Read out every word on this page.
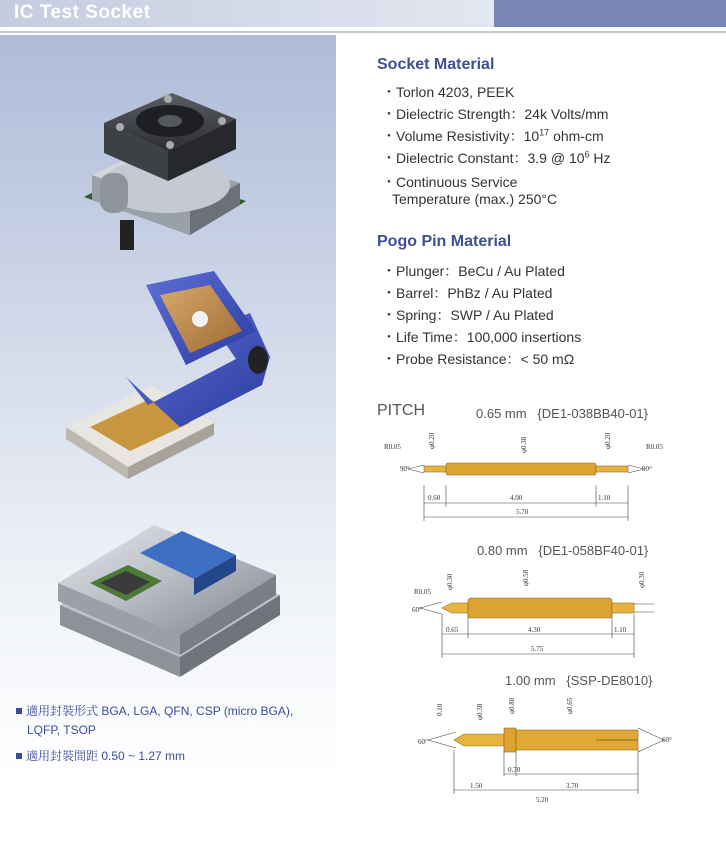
IC Test Socket
Socket Material
・Torlon 4203, PEEK
・Dielectric Strength：24k Volts/mm
・Volume Resistivity：$10^{17}$ ohm-cm
・Dielectric Constant：3.9 @ $10^6$ Hz
・Continuous Service
Temperature (max.) 250°C
Pogo Pin Material
・Plunger：BeCu / Au Plated
・Barrel：PhBz / Au Plated
・Spring：SWP / Au Plated
・Life Time：100,000 insertions
・Probe Resistance：< 50 mΩ
PITCH	0.65 mm {DE1-038BB40-01}
0.80 mm {DE1-058BF40-01}
1.00 mm {SSP-DE8010}
R0.05	φ0.20	φ0.38	φ0.20	R0.05
90°	90°
0.60	4.00	1.10
5.70
R0.05
φ0.30	φ0.58	φ0.30
60°
0.65	4.30	1.10
5.75
0.10	φ0.38	φ0.80	φ0.65
60°	60°
0.70
1.50	3.70
5.20
適用封裝形式 BGA, LGA, QFN, CSP (micro BGA),
LQFP, TSOP
適用封裝間距 0.50 ~ 1.27 mm
